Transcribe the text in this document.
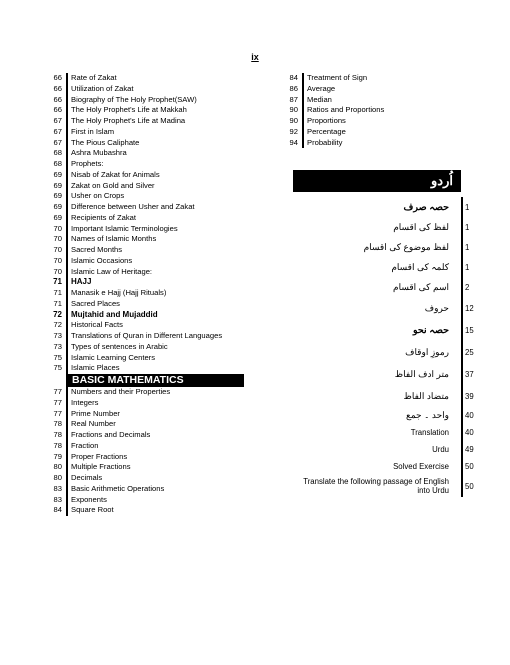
ix
66	Rate of Zakat
66	Utilization of Zakat
66	Biography of The Holy Prophet(SAW)
66	The Holy Prophet's Life at Makkah
67	The Holy Prophet's Life at Madina
67	First in Islam
67	The Pious Caliphate
68	Ashra Mubashra
68	Prophets:
69	Nisab of Zakat for Animals
69	Zakat on Gold and Silver
69	Usher on Crops
69	Difference between Usher and Zakat
69	Recipients of Zakat
70	Important Islamic Terminologies
70	Names of Islamic Months
70	Sacred Months
70	Islamic Occasions
70	Islamic Law of Heritage:
71	HAJJ
71	Manasik e Hajj (Hajj Rituals)
71	Sacred Places
72	Mujtahid and Mujaddid
72	Historical Facts
73	Translations of Quran in Different Languages
73	Types of sentences in Arabic
75	Islamic Learning Centers
75	Islamic Places
BASIC MATHEMATICS
77	Numbers and their Properties
77	Integers
77	Prime Number
78	Real Number
78	Fractions and Decimals
78	Fraction
79	Proper Fractions
80	Multiple Fractions
80	Decimals
83	Basic Arithmetic Operations
83	Exponents
84	Square Root
84	Treatment of Sign
86	Average
87	Median
90	Ratios and Proportions
90	Proportions
92	Percentage
94	Probability
اُردو
حصہ صرف	1
لفظ کی اقسام	1
لفظ موضوع کی اقسام	1
کلمہ کی اقسام	1
اسم کی اقسام	2
حروف	12
حصہ نحو	15
رموزِ اوقاف	25
متر ادف الفاظ	37
متضاد الفاظ	39
واحد ۔ جمع	40
Translation	40
Urdu	49
Solved Exercise	50
Translate the following passage of English into Urdu	50
